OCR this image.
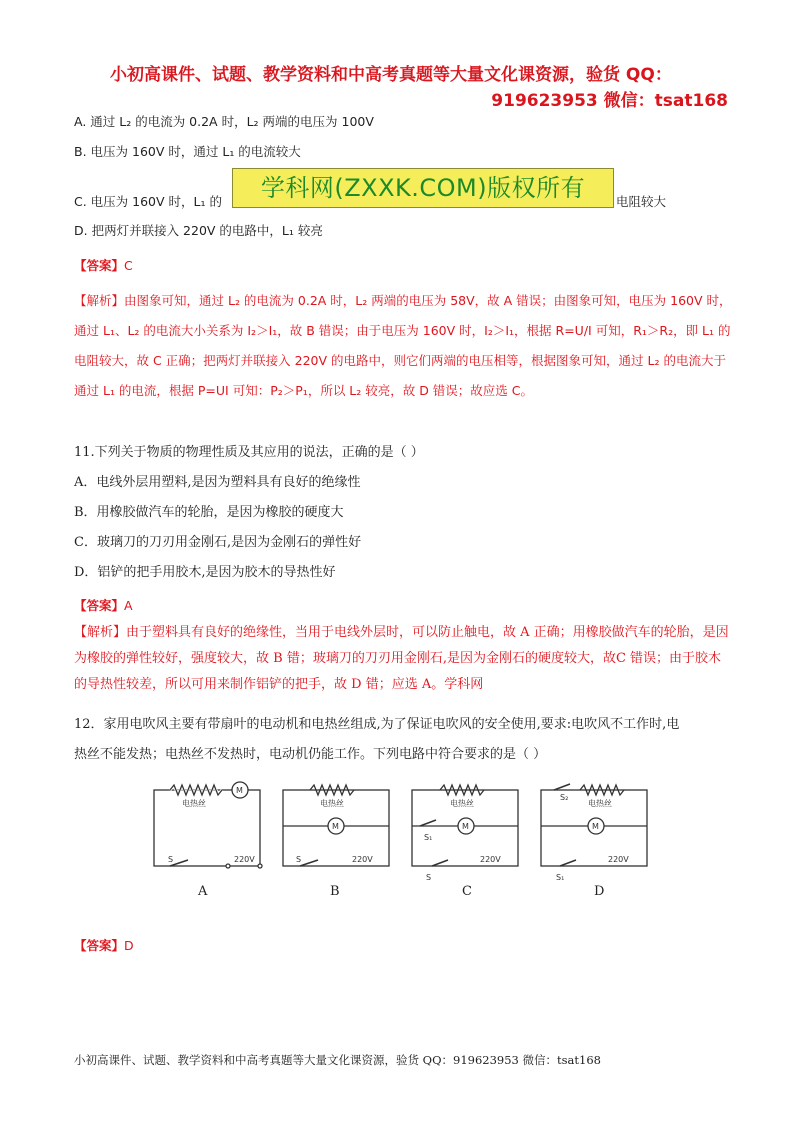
小初高课件、试题、教学资料和中高考真题等大量文化课资源，验货 QQ：
919623953 微信：tsat168
A. 通过 L₂ 的电流为 0.2A 时，L₂ 两端的电压为 100V
B. 电压为 160V 时，通过 L₁ 的电流较大
C. 电压为 160V 时，L₁ 的	电阻较大
D. 把两灯并联接入 220V 的电路中，L₁ 较亮
学科网(ZXXK.COM)版权所有
【答案】C
【解析】由图象可知，通过 L₂ 的电流为 0.2A 时，L₂ 两端的电压为 58V，故 A 错误；由图象可知，电压为 160V 时，通过 L₁、L₂ 的电流大小关系为 I₂＞I₁，故 B 错误；由于电压为 160V 时，I₂＞I₁，根据 R=U/I 可知，R₁＞R₂，即 L₁ 的电阻较大，故 C 正确；把两灯并联接入 220V 的电路中，则它们两端的电压相等，根据图象可知，通过 L₂ 的电流大于通过 L₁ 的电流，根据 P=UI 可知：P₂＞P₁，所以 L₂ 较亮，故 D 错误；故应选 C。
11.下列关于物质的物理性质及其应用的说法，正确的是（ ）
A．电线外层用塑料,是因为塑料具有良好的绝缘性
B．用橡胶做汽车的轮胎，是因为橡胶的硬度大
C．玻璃刀的刀刃用金刚石,是因为金刚石的弹性好
D．铝铲的把手用胶木,是因为胶木的导热性好
【答案】A
【解析】由于塑料具有良好的绝缘性，当用于电线外层时，可以防止触电，故 A 正确；用橡胶做汽车的轮胎，是因为橡胶的弹性较好，强度较大，故 B 错；玻璃刀的刀刃用金刚石,是因为金刚石的硬度较大，故C 错误；由于胶木的导热性较差，所以可用来制作铝铲的把手，故 D 错；应选 A。学科网
12．家用电吹风主要有带扇叶的电动机和电热丝组成,为了保证电吹风的安全使用,要求:电吹风不工作时,电
热丝不能发热；电热丝不发热时，电动机仍能工作。下列电路中符合要求的是（ ）
电热丝
M
S	220V
电热丝
M
S	220V
电热丝
M
S₁
S
220V
电热丝
M
S₂
S₁
220V
A	B	C	D
【答案】D
小初高课件、试题、教学资料和中高考真题等大量文化课资源，验货 QQ：919623953 微信：tsat168
